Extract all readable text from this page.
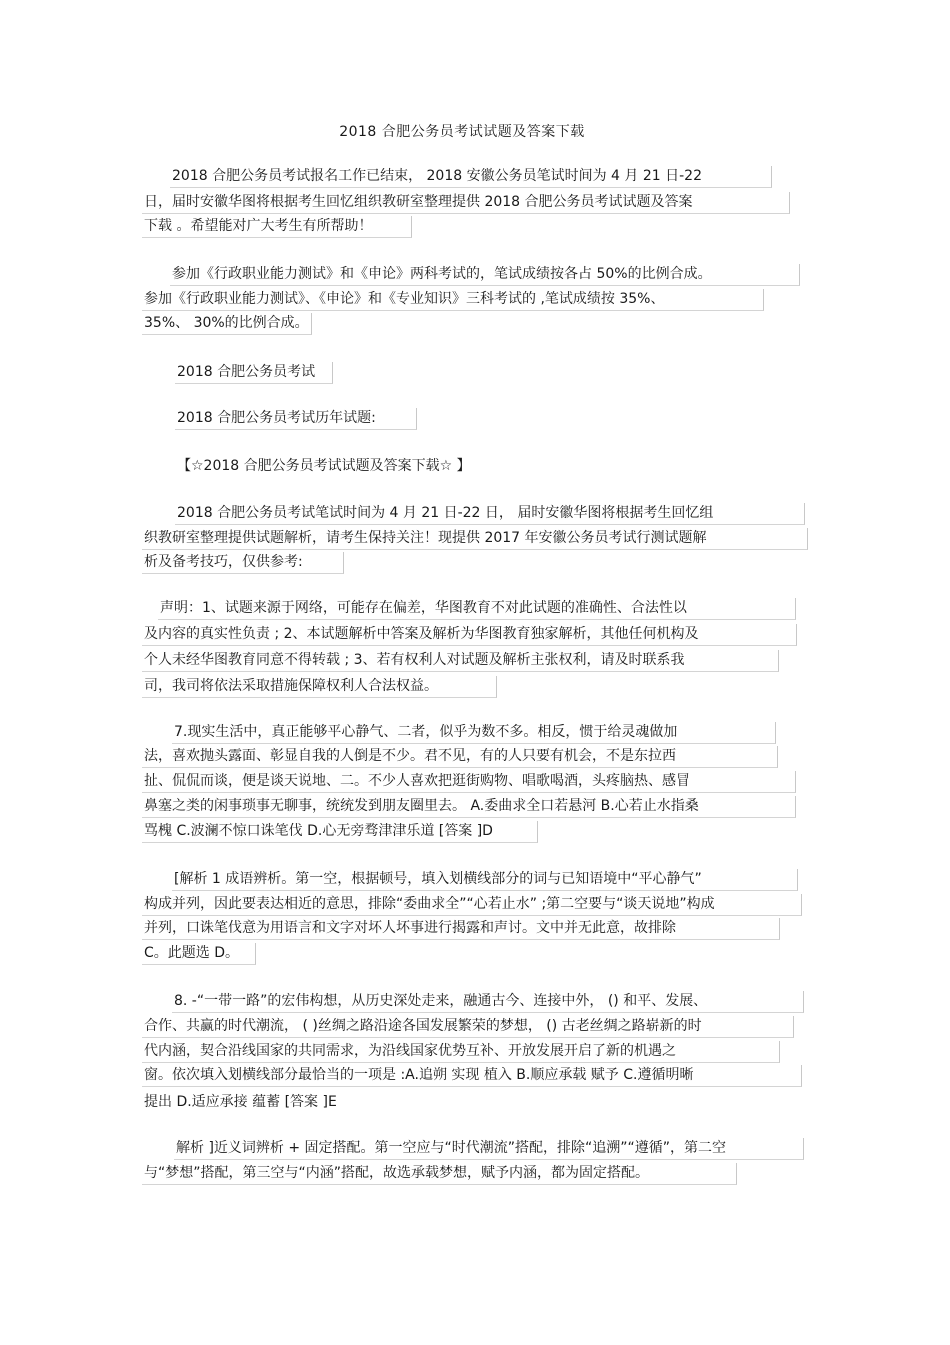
2018 合肥公务员考试试题及答案下载
2018 合肥公务员考试报名工作已结束， 2018 安徽公务员笔试时间为 4 月 21 日-22
日，届时安徽华图将根据考生回忆组织教研室整理提供 2018 合肥公务员考试试题及答案
下载 。希望能对广大考生有所帮助！
参加《行政职业能力测试》和《申论》两科考试的，笔试成绩按各占 50%的比例合成。
参加《行政职业能力测试》、《申论》和《专业知识》三科考试的 ,笔试成绩按 35%、
35%、 30%的比例合成。
2018 合肥公务员考试
2018 合肥公务员考试历年试题:
【☆2018 合肥公务员考试试题及答案下载☆ 】
2018 合肥公务员考试笔试时间为 4 月 21 日-22 日， 届时安徽华图将根据考生回忆组
织教研室整理提供试题解析，请考生保持关注！现提供 2017 年安徽公务员考试行测试题解
析及备考技巧，仅供参考:
声明：1、试题来源于网络，可能存在偏差，华图教育不对此试题的准确性、合法性以
及内容的真实性负责 ; 2、本试题解析中答案及解析为华图教育独家解析，其他任何机构及
个人未经华图教育同意不得转载 ; 3、若有权利人对试题及解析主张权利，请及时联系我
司，我司将依法采取措施保障权利人合法权益。
7.现实生活中，真正能够平心静气、二者，似乎为数不多。相反，惯于给灵魂做加
法，喜欢抛头露面、彰显自我的人倒是不少。君不见，有的人只要有机会，不是东拉西
扯、侃侃而谈，便是谈天说地、二。不少人喜欢把逛街购物、唱歌喝酒，头疼脑热、感冒
鼻塞之类的闲事琐事无聊事，统统发到朋友圈里去。 A.委曲求全口若悬河 B.心若止水指桑
骂槐 C.波澜不惊口诛笔伐 D.心无旁骛津津乐道 [答案 ]D
[解析 1 成语辨析。第一空，根据顿号，填入划横线部分的词与已知语境中“平心静气”
构成并列，因此要表达相近的意思，排除“委曲求全”“心若止水” ;第二空要与“谈天说地”构成
并列，口诛笔伐意为用语言和文字对坏人坏事进行揭露和声讨。文中并无此意，故排除
C。此题选 D。
8. -“一带一路”的宏伟构想，从历史深处走来，融通古今、连接中外， () 和平、发展、
合作、共赢的时代潮流， ( )丝绸之路沿途各国发展繁荣的梦想， () 古老丝绸之路崭新的时
代内涵，契合沿线国家的共同需求，为沿线国家优势互补、开放发展开启了新的机遇之
窗。依次填入划横线部分最恰当的一项是 :A.追朔 实现 植入 B.顺应承载 赋予 C.遵循明晰
提出 D.适应承接 蕴蓄 [答案 ]E
解析 ]近义词辨析 + 固定搭配。第一空应与“时代潮流”搭配，排除“追溯”“遵循”，第二空
与“梦想”搭配，第三空与“内涵”搭配，故选承载梦想，赋予内涵，都为固定搭配。
